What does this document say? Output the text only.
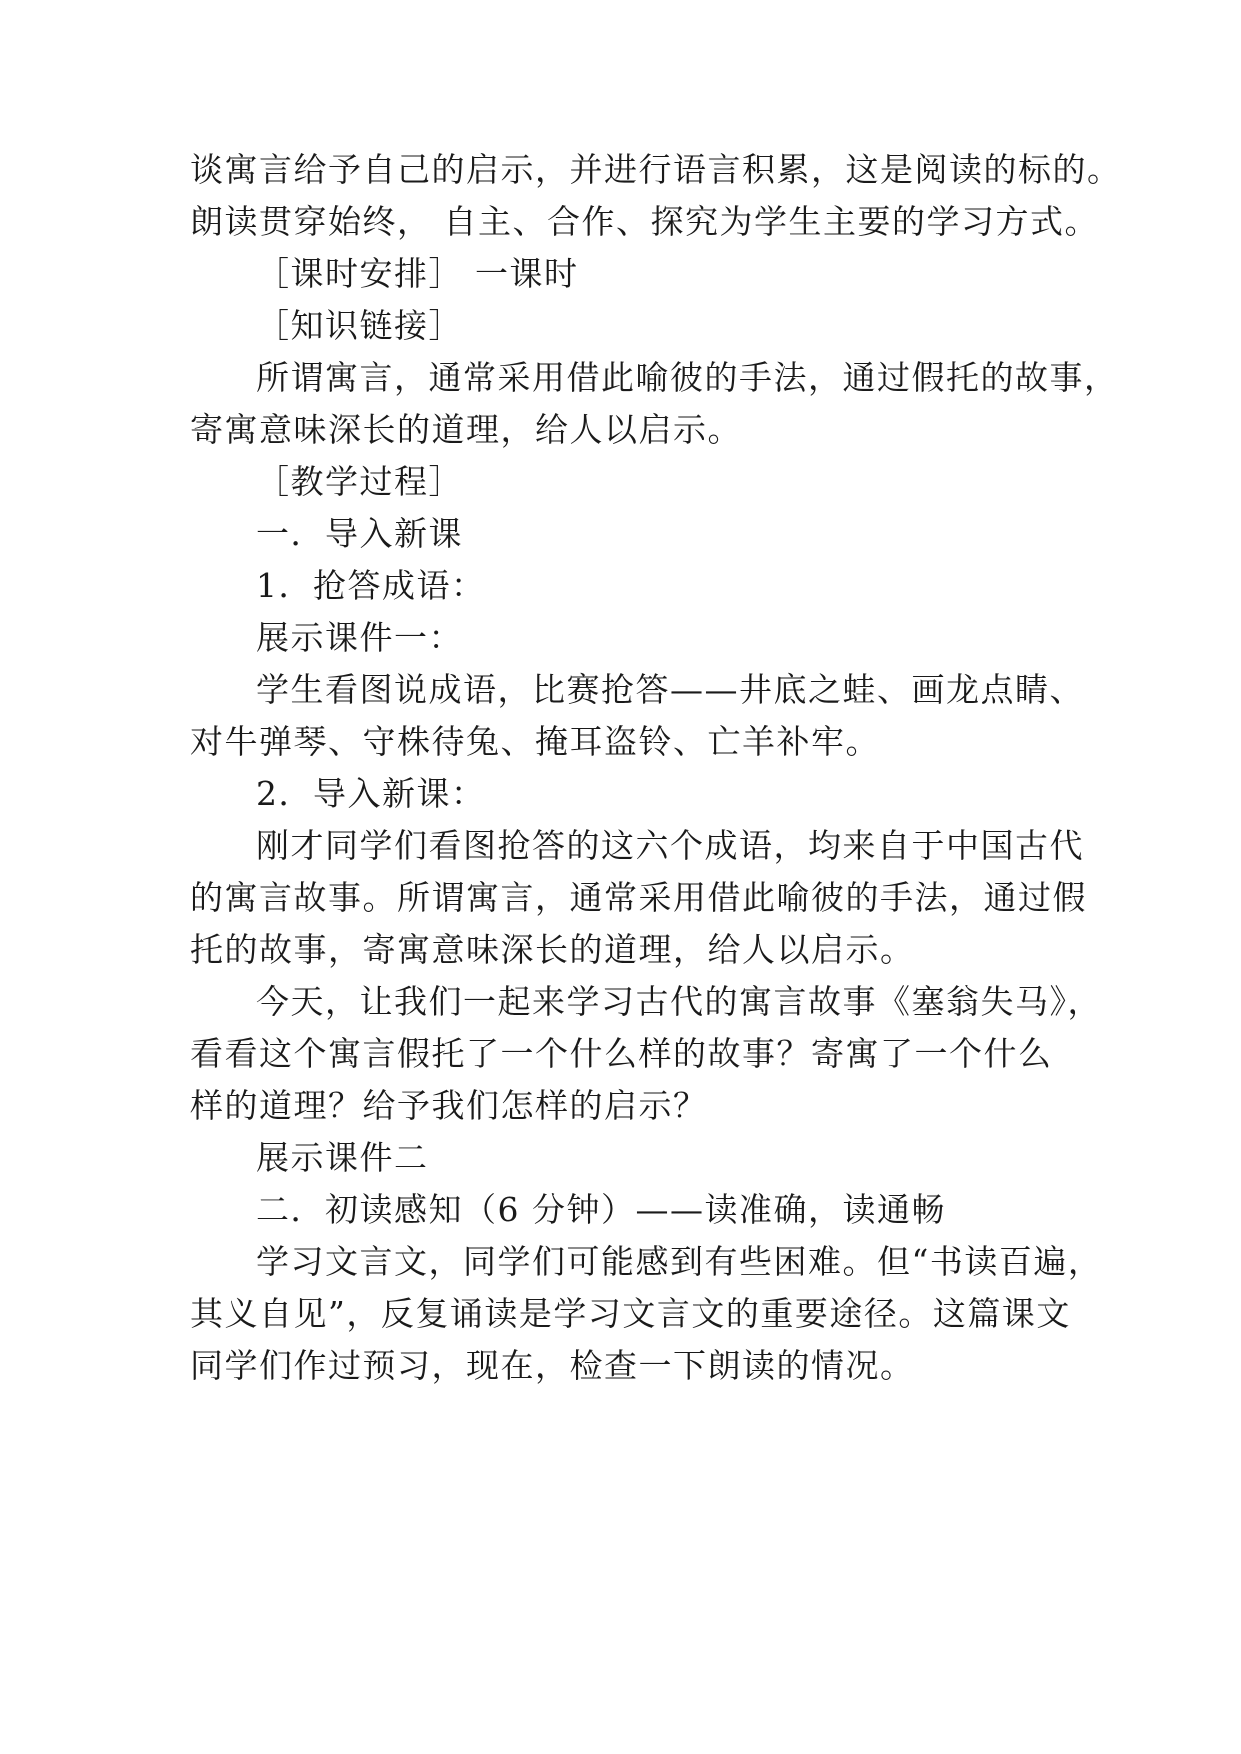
谈寓言给予自己的启示，并进行语言积累，这是阅读的标的。
朗读贯穿始终， 自主、合作、探究为学生主要的学习方式。
［课时安排］ 一课时
［知识链接］
所谓寓言，通常采用借此喻彼的手法，通过假托的故事，
寄寓意味深长的道理，给人以启示。
［教学过程］
一．导入新课
1．抢答成语：
展示课件一：
学生看图说成语，比赛抢答——井底之蛙、画龙点睛、
对牛弹琴、守株待兔、掩耳盗铃、亡羊补牢。
2．导入新课：
刚才同学们看图抢答的这六个成语，均来自于中国古代
的寓言故事。所谓寓言，通常采用借此喻彼的手法，通过假
托的故事，寄寓意味深长的道理，给人以启示。
今天，让我们一起来学习古代的寓言故事《塞翁失马》，
看看这个寓言假托了一个什么样的故事？寄寓了一个什么
样的道理？给予我们怎样的启示？
展示课件二
二．初读感知（6 分钟）——读准确，读通畅
学习文言文，同学们可能感到有些困难。但“书读百遍，
其义自见”，反复诵读是学习文言文的重要途径。这篇课文
同学们作过预习，现在，检查一下朗读的情况。
